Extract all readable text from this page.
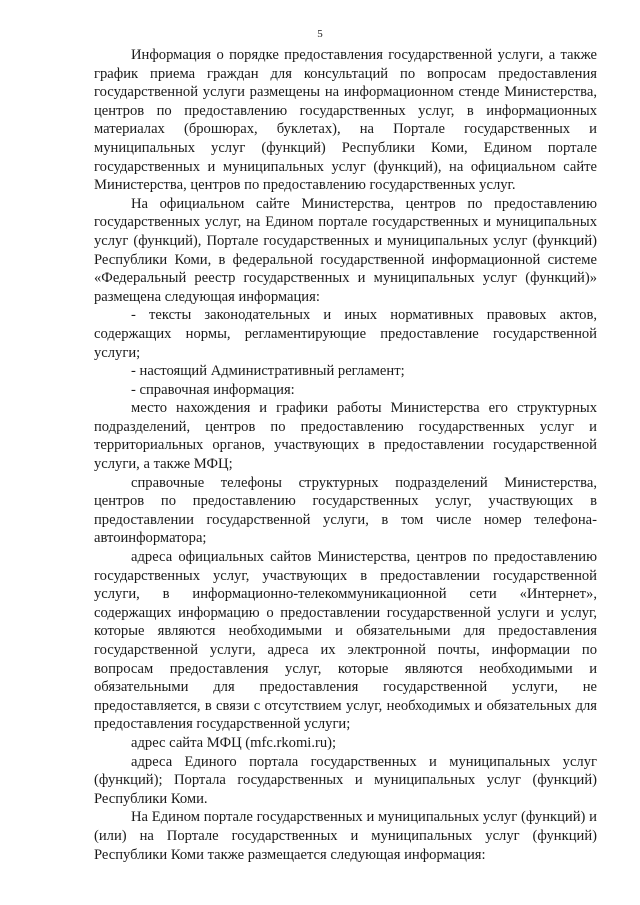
5

Информация о порядке предоставления государственной услуги, а также график приема граждан для консультаций по вопросам предоставления государственной услуги размещены на информационном стенде Министерства, центров по предоставлению государственных услуг, в информационных материалах (брошюрах, буклетах), на Портале государственных и муниципальных услуг (функций) Республики Коми, Едином портале государственных и муниципальных услуг (функций), на официальном сайте Министерства, центров по предоставлению государственных услуг.

На официальном сайте Министерства, центров по предоставлению государственных услуг, на Едином портале государственных и муниципальных услуг (функций), Портале государственных и муниципальных услуг (функций) Республики Коми, в федеральной государственной информационной системе «Федеральный реестр государственных и муниципальных услуг (функций)» размещена следующая информация:

- тексты законодательных и иных нормативных правовых актов, содержащих нормы, регламентирующие предоставление государственной услуги;

- настоящий Административный регламент;

- справочная информация:

место нахождения и графики работы Министерства его структурных подразделений, центров по предоставлению государственных услуг и территориальных органов, участвующих в предоставлении государственной услуги, а также МФЦ;

справочные телефоны структурных подразделений Министерства, центров по предоставлению государственных услуг, участвующих в предоставлении государственной услуги, в том числе номер телефона-автоинформатора;

адреса официальных сайтов Министерства, центров по предоставлению государственных услуг, участвующих в предоставлении государственной услуги, в информационно-телекоммуникационной сети «Интернет», содержащих информацию о предоставлении государственной услуги и услуг, которые являются необходимыми и обязательными для предоставления государственной услуги, адреса их электронной почты, информации по вопросам предоставления услуг, которые являются необходимыми и обязательными для предоставления государственной услуги, не предоставляется, в связи с отсутствием услуг, необходимых и обязательных для предоставления государственной услуги;

адрес сайта МФЦ (mfc.rkomi.ru);

адреса Единого портала государственных и муниципальных услуг (функций); Портала государственных и муниципальных услуг (функций) Республики Коми.

На Едином портале государственных и муниципальных услуг (функций) и (или) на Портале государственных и муниципальных услуг (функций) Республики Коми также размещается следующая информация:
